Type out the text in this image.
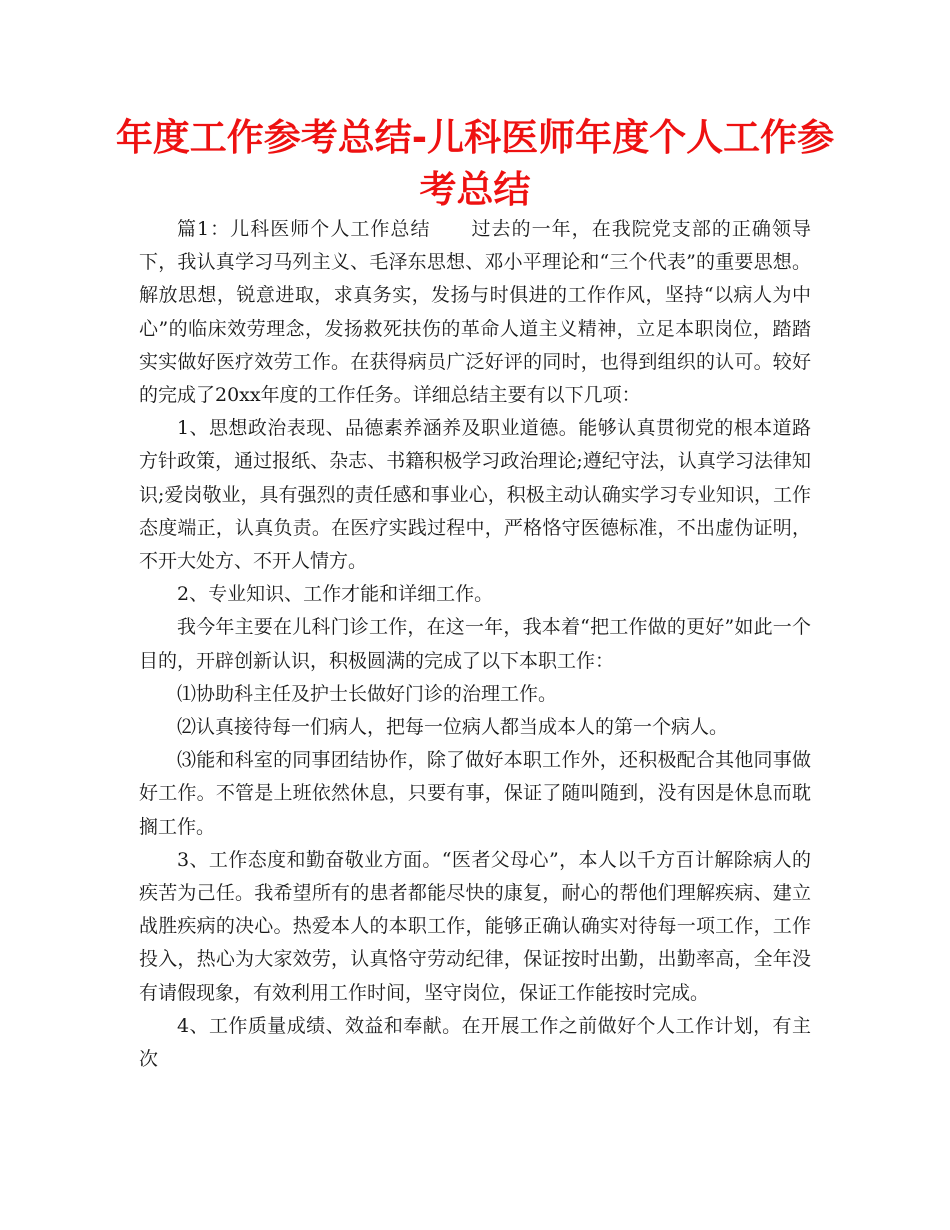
年度工作参考总结-儿科医师年度个人工作参考总结

篇1：儿科医师个人工作总结 过去的一年，在我院党支部的正确领导下，我认真学习马列主义、毛泽东思想、邓小平理论和“三个代表”的重要思想。解放思想，锐意进取，求真务实，发扬与时俱进的工作作风，坚持“以病人为中心”的临床效劳理念，发扬救死扶伤的革命人道主义精神，立足本职岗位，踏踏实实做好医疗效劳工作。在获得病员广泛好评的同时，也得到组织的认可。较好的完成了20xx年度的工作任务。详细总结主要有以下几项：

1、思想政治表现、品德素养涵养及职业道德。能够认真贯彻党的根本道路方针政策，通过报纸、杂志、书籍积极学习政治理论;遵纪守法，认真学习法律知识;爱岗敬业，具有强烈的责任感和事业心，积极主动认确实学习专业知识，工作态度端正，认真负责。在医疗实践过程中，严格恪守医德标准，不出虚伪证明，不开大处方、不开人情方。

2、专业知识、工作才能和详细工作。

我今年主要在儿科门诊工作，在这一年，我本着“把工作做的更好”如此一个目的，开辟创新认识，积极圆满的完成了以下本职工作：

⑴协助科主任及护士长做好门诊的治理工作。

⑵认真接待每一们病人，把每一位病人都当成本人的第一个病人。

⑶能和科室的同事团结协作，除了做好本职工作外，还积极配合其他同事做好工作。不管是上班依然休息，只要有事，保证了随叫随到，没有因是休息而耽搁工作。

3、工作态度和勤奋敬业方面。“医者父母心”，本人以千方百计解除病人的疾苦为己任。我希望所有的患者都能尽快的康复，耐心的帮他们理解疾病、建立战胜疾病的决心。热爱本人的本职工作，能够正确认确实对待每一项工作，工作投入，热心为大家效劳，认真恪守劳动纪律，保证按时出勤，出勤率高，全年没有请假现象，有效利用工作时间，坚守岗位，保证工作能按时完成。

4、工作质量成绩、效益和奉献。在开展工作之前做好个人工作计划，有主次
